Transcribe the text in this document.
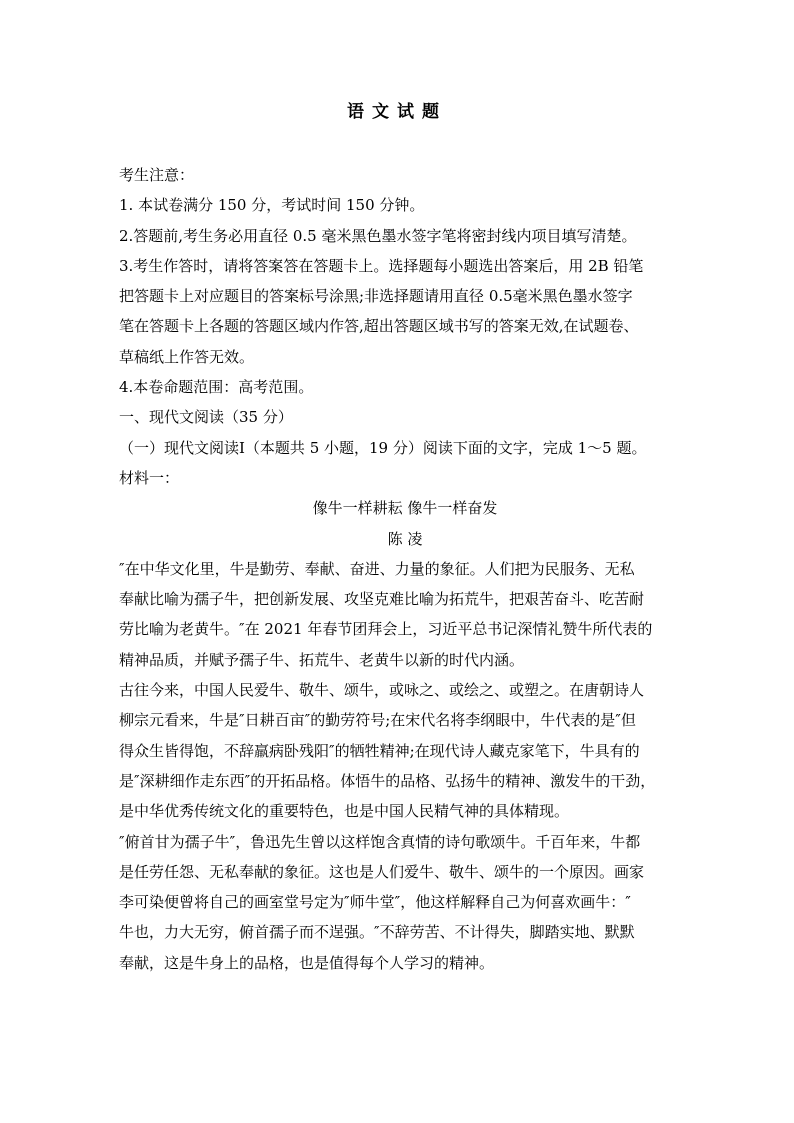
语文试题
考生注意：
1. 本试卷满分 150 分，考试时间 150 分钟。
2.答题前,考生务必用直径 0.5 毫米黑色墨水签字笔将密封线内项目填写清楚。
3.考生作答时，请将答案答在答题卡上。选择题每小题选出答案后，用 2B 铅笔
把答题卡上对应题目的答案标号涂黑;非选择题请用直径 0.5毫米黑色墨水签字
笔在答题卡上各题的答题区域内作答,超出答题区域书写的答案无效,在试题卷、
草稿纸上作答无效。
4.本卷命题范围：高考范围。
一、现代文阅读（35 分）
（一）现代文阅读Ⅰ（本题共 5 小题，19 分）阅读下面的文字，完成 1～5 题。
材料一：
像牛一样耕耘 像牛一样奋发
陈 凌
″在中华文化里，牛是勤劳、奉献、奋进、力量的象征。人们把为民服务、无私
奉献比喻为孺子牛，把创新发展、攻坚克难比喻为拓荒牛，把艰苦奋斗、吃苦耐
劳比喻为老黄牛。″在 2021 年春节团拜会上，习近平总书记深情礼赞牛所代表的
精神品质，并赋予孺子牛、拓荒牛、老黄牛以新的时代内涵。
古往今来，中国人民爱牛、敬牛、颂牛，或咏之、或绘之、或塑之。在唐朝诗人
柳宗元看来，牛是″日耕百亩″的勤劳符号;在宋代名将李纲眼中，牛代表的是″但
得众生皆得饱，不辞羸病卧残阳″的牺牲精神;在现代诗人藏克家笔下，牛具有的
是″深耕细作走东西″的开拓品格。体悟牛的品格、弘扬牛的精神、激发牛的干劲，
是中华优秀传统文化的重要特色，也是中国人民精气神的具体精现。
″俯首甘为孺子牛″，鲁迅先生曾以这样饱含真情的诗句歌颂牛。千百年来，牛都
是任劳任怨、无私奉献的象征。这也是人们爱牛、敬牛、颂牛的一个原因。画家
李可染便曾将自己的画室堂号定为″师牛堂″，他这样解释自己为何喜欢画牛：″
牛也，力大无穷，俯首孺子而不逞强。″不辞劳苦、不计得失，脚踏实地、默默
奉献，这是牛身上的品格，也是值得每个人学习的精神。
